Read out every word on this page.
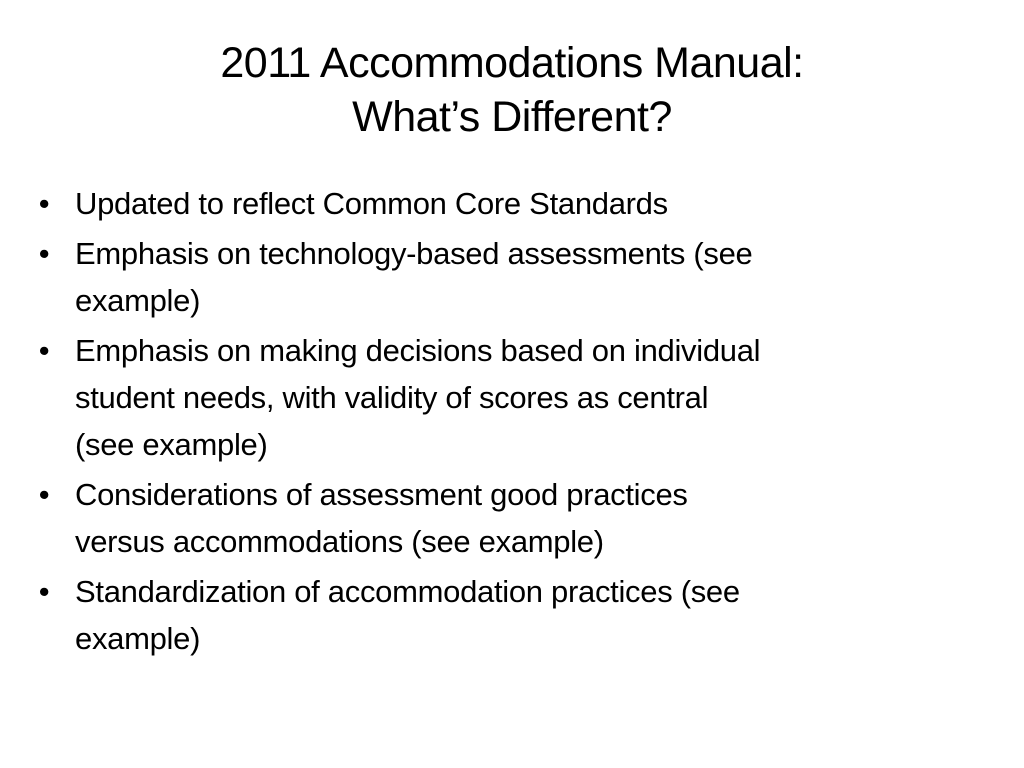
2011 Accommodations Manual:
What’s Different?
• Updated to reflect Common Core Standards
• Emphasis on technology-based assessments (see
example)
• Emphasis on making decisions based on individual
student needs, with validity of scores as central
(see example)
• Considerations of assessment good practices
versus accommodations (see example)
• Standardization of accommodation practices (see
example)
